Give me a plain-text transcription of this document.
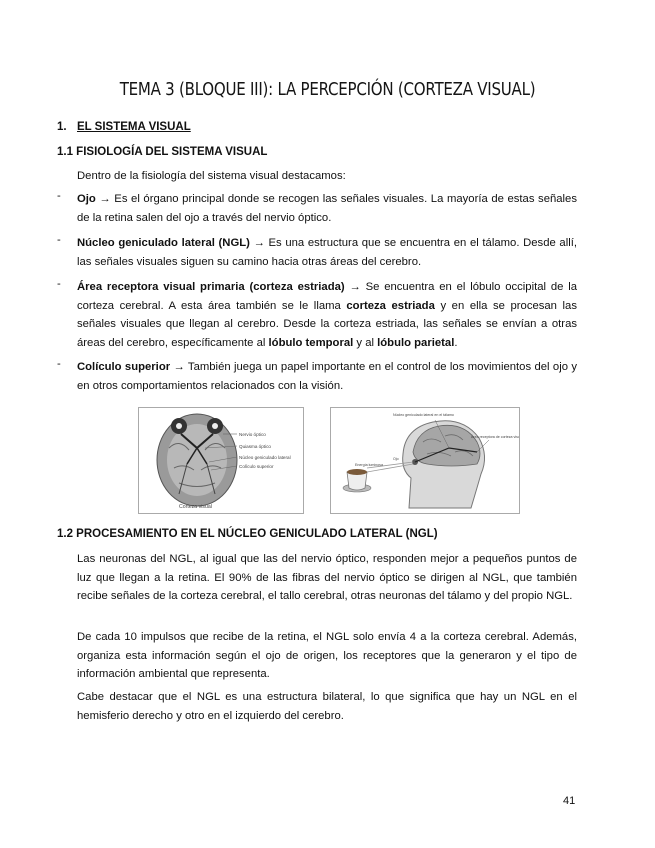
TEMA 3 (BLOQUE III): LA PERCEPCIÓN (CORTEZA VISUAL)
1. EL SISTEMA VISUAL
1.1 FISIOLOGÍA DEL SISTEMA VISUAL
Dentro de la fisiología del sistema visual destacamos:
- Ojo → Es el órgano principal donde se recogen las señales visuales. La mayoría de estas señales de la retina salen del ojo a través del nervio óptico.
- Núcleo geniculado lateral (NGL) → Es una estructura que se encuentra en el tálamo. Desde allí, las señales visuales siguen su camino hacia otras áreas del cerebro.
- Área receptora visual primaria (corteza estriada) → Se encuentra en el lóbulo occipital de la corteza cerebral. A esta área también se le llama corteza estriada y en ella se procesan las señales visuales que llegan al cerebro. Desde la corteza estriada, las señales se envían a otras áreas del cerebro, específicamente al lóbulo temporal y al lóbulo parietal.
- Colículo superior → También juega un papel importante en el control de los movimientos del ojo y en otros comportamientos relacionados con la visión.
Nervio óptico
Quiasma óptico
Núcleo geniculado lateral
Colículo superior
Corteza visual
Núcleo geniculado lateral en el tálamo
Área receptora de corteza visual
Ojo
Energía luminosa
1.2 PROCESAMIENTO EN EL NÚCLEO GENICULADO LATERAL (NGL)
Las neuronas del NGL, al igual que las del nervio óptico, responden mejor a pequeños puntos de luz que llegan a la retina. El 90% de las fibras del nervio óptico se dirigen al NGL, que también recibe señales de la corteza cerebral, el tallo cerebral, otras neuronas del tálamo y del propio NGL.
De cada 10 impulsos que recibe de la retina, el NGL solo envía 4 a la corteza cerebral. Además, organiza esta información según el ojo de origen, los receptores que la generaron y el tipo de información ambiental que representa.
Cabe destacar que el NGL es una estructura bilateral, lo que significa que hay un NGL en el hemisferio derecho y otro en el izquierdo del cerebro.
41
